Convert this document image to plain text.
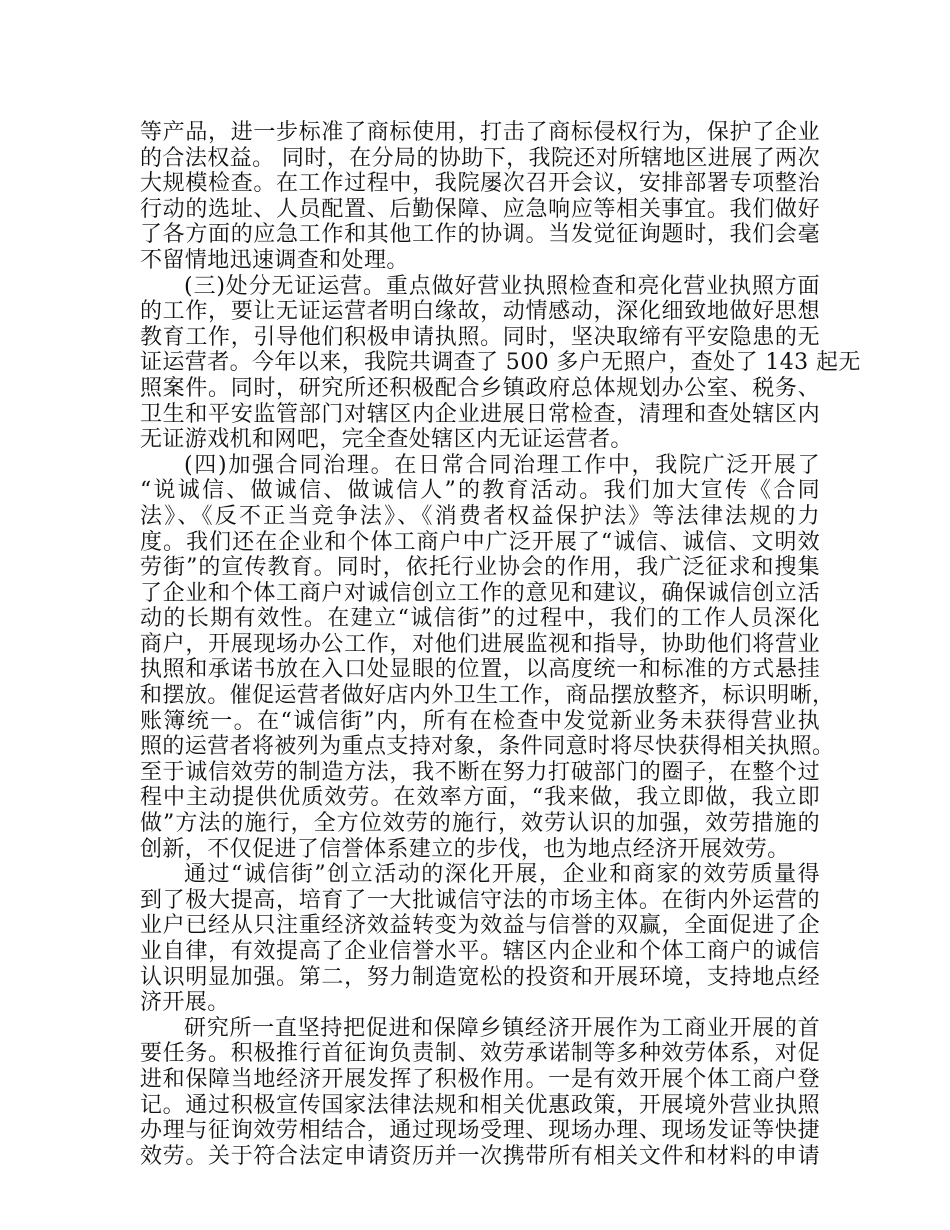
等产品，进一步标准了商标使用，打击了商标侵权行为，保护了企业
的合法权益。 同时，在分局的协助下，我院还对所辖地区进展了两次
大规模检查。在工作过程中，我院屡次召开会议，安排部署专项整治
行动的选址、人员配置、后勤保障、应急响应等相关事宜。我们做好
了各方面的应急工作和其他工作的协调。当发觉征询题时，我们会毫
不留情地迅速调查和处理。
(三)处分无证运营。重点做好营业执照检查和亮化营业执照方面
的工作，要让无证运营者明白缘故，动情感动，深化细致地做好思想
教育工作，引导他们积极申请执照。同时，坚决取缔有平安隐患的无
证运营者。今年以来，我院共调查了 500 多户无照户，查处了 143 起无
照案件。同时，研究所还积极配合乡镇政府总体规划办公室、税务、
卫生和平安监管部门对辖区内企业进展日常检查，清理和查处辖区内
无证游戏机和网吧，完全查处辖区内无证运营者。
(四)加强合同治理。在日常合同治理工作中，我院广泛开展了
“说诚信、做诚信、做诚信人”的教育活动。我们加大宣传《合同
法》、《反不正当竞争法》、《消费者权益保护法》等法律法规的力
度。我们还在企业和个体工商户中广泛开展了“诚信、诚信、文明效
劳街”的宣传教育。同时，依托行业协会的作用，我广泛征求和搜集
了企业和个体工商户对诚信创立工作的意见和建议，确保诚信创立活
动的长期有效性。在建立“诚信街”的过程中，我们的工作人员深化
商户，开展现场办公工作，对他们进展监视和指导，协助他们将营业
执照和承诺书放在入口处显眼的位置，以高度统一和标准的方式悬挂
和摆放。催促运营者做好店内外卫生工作，商品摆放整齐，标识明晰，
账簿统一。在“诚信街”内，所有在检查中发觉新业务未获得营业执
照的运营者将被列为重点支持对象，条件同意时将尽快获得相关执照。
至于诚信效劳的制造方法，我不断在努力打破部门的圈子，在整个过
程中主动提供优质效劳。在效率方面，“我来做，我立即做，我立即
做”方法的施行，全方位效劳的施行，效劳认识的加强，效劳措施的
创新，不仅促进了信誉体系建立的步伐，也为地点经济开展效劳。
通过“诚信街”创立活动的深化开展，企业和商家的效劳质量得
到了极大提高，培育了一大批诚信守法的市场主体。在街内外运营的
业户已经从只注重经济效益转变为效益与信誉的双赢，全面促进了企
业自律，有效提高了企业信誉水平。辖区内企业和个体工商户的诚信
认识明显加强。第二，努力制造宽松的投资和开展环境，支持地点经
济开展。
研究所一直坚持把促进和保障乡镇经济开展作为工商业开展的首
要任务。积极推行首征询负责制、效劳承诺制等多种效劳体系，对促
进和保障当地经济开展发挥了积极作用。一是有效开展个体工商户登
记。通过积极宣传国家法律法规和相关优惠政策，开展境外营业执照
办理与征询效劳相结合，通过现场受理、现场办理、现场发证等快捷
效劳。关于符合法定申请资历并一次携带所有相关文件和材料的申请
